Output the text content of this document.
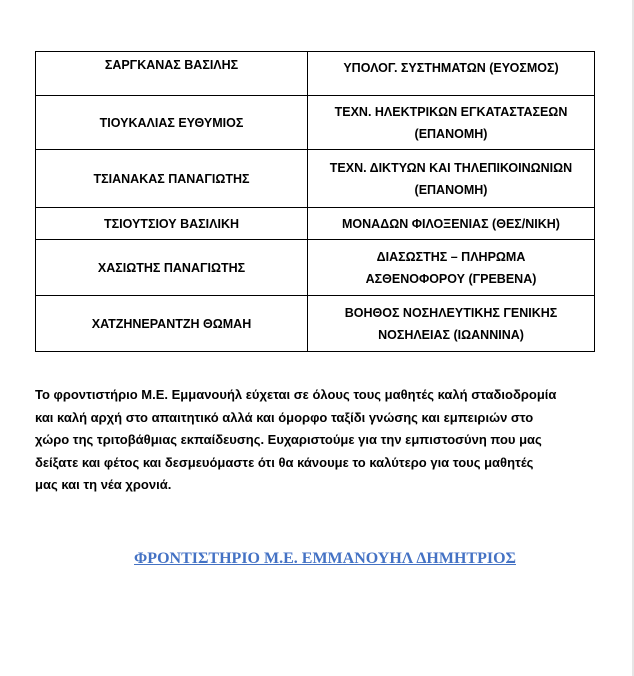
ΣΑΡΓΚΑΝΑΣ ΒΑΣΙΛΗΣ	ΥΠΟΛΟΓ. ΣΥΣΤΗΜΑΤΩΝ (ΕΥΟΣΜΟΣ)
ΤΙΟΥΚΑΛΙΑΣ ΕΥΘΥΜΙΟΣ	ΤΕΧΝ. ΗΛΕΚΤΡΙΚΩΝ ΕΓΚΑΤΑΣΤΑΣΕΩΝ
(ΕΠΑΝΟΜΗ)
ΤΣΙΑΝΑΚΑΣ ΠΑΝΑΓΙΩΤΗΣ	ΤΕΧΝ. ΔΙΚΤΥΩΝ ΚΑΙ ΤΗΛΕΠΙΚΟΙΝΩΝΙΩΝ
(ΕΠΑΝΟΜΗ)
ΤΣΙΟΥΤΣΙΟΥ ΒΑΣΙΛΙΚΗ	ΜΟΝΑΔΩΝ ΦΙΛΟΞΕΝΙΑΣ (ΘΕΣ/ΝΙΚΗ)
ΧΑΣΙΩΤΗΣ ΠΑΝΑΓΙΩΤΗΣ	ΔΙΑΣΩΣΤΗΣ – ΠΛΗΡΩΜΑ
ΑΣΘΕΝΟΦΟΡΟΥ (ΓΡΕΒΕΝΑ)
ΧΑΤΖΗΝΕΡΑΝΤΖΗ ΘΩΜΑΗ	ΒΟΗΘΟΣ ΝΟΣΗΛΕΥΤΙΚΗΣ ΓΕΝΙΚΗΣ
ΝΟΣΗΛΕΙΑΣ (ΙΩΑΝΝΙΝΑ)

Το φροντιστήριο Μ.Ε. Εμμανουήλ εύχεται σε όλους τους μαθητές καλή σταδιοδρομία
και καλή αρχή στο απαιτητικό αλλά και όμορφο ταξίδι γνώσης και εμπειριών στο
χώρο της τριτοβάθμιας εκπαίδευσης. Ευχαριστούμε για την εμπιστοσύνη που μας
δείξατε και φέτος και δεσμευόμαστε ότι θα κάνουμε το καλύτερο για τους μαθητές
μας και τη νέα χρονιά.

ΦΡΟΝΤΙΣΤΗΡΙΟ Μ.Ε. ΕΜΜΑΝΟΥΗΛ ΔΗΜΗΤΡΙΟΣ
